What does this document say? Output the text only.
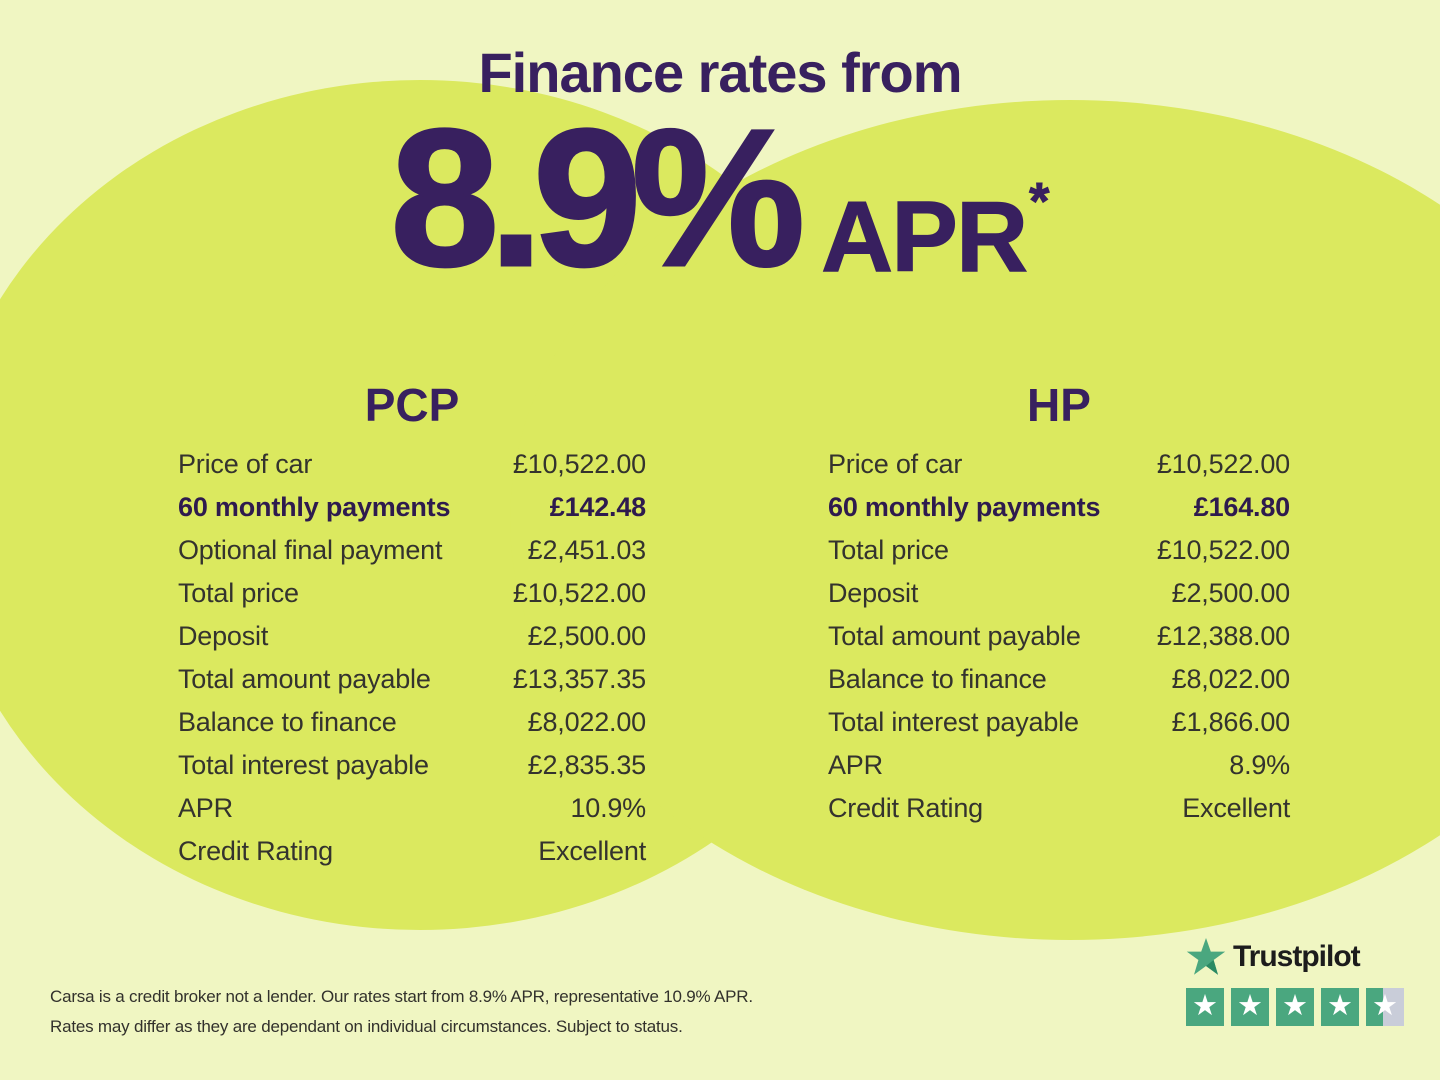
Finance rates from
8.9% APR*
PCP	HP
Price of car	£10,522.00
60 monthly payments	£142.48
Optional final payment	£2,451.03
Total price	£10,522.00
Deposit	£2,500.00
Total amount payable	£13,357.35
Balance to finance	£8,022.00
Total interest payable	£2,835.35
APR	10.9%
Credit Rating	Excellent
Price of car	£10,522.00
60 monthly payments	£164.80
Total price	£10,522.00
Deposit	£2,500.00
Total amount payable	£12,388.00
Balance to finance	£8,022.00
Total interest payable	£1,866.00
APR	8.9%
Credit Rating	Excellent
Carsa is a credit broker not a lender. Our rates start from 8.9% APR, representative 10.9% APR.
Rates may differ as they are dependant on individual circumstances. Subject to status.
Trustpilot
★ ★ ★ ★ ★
